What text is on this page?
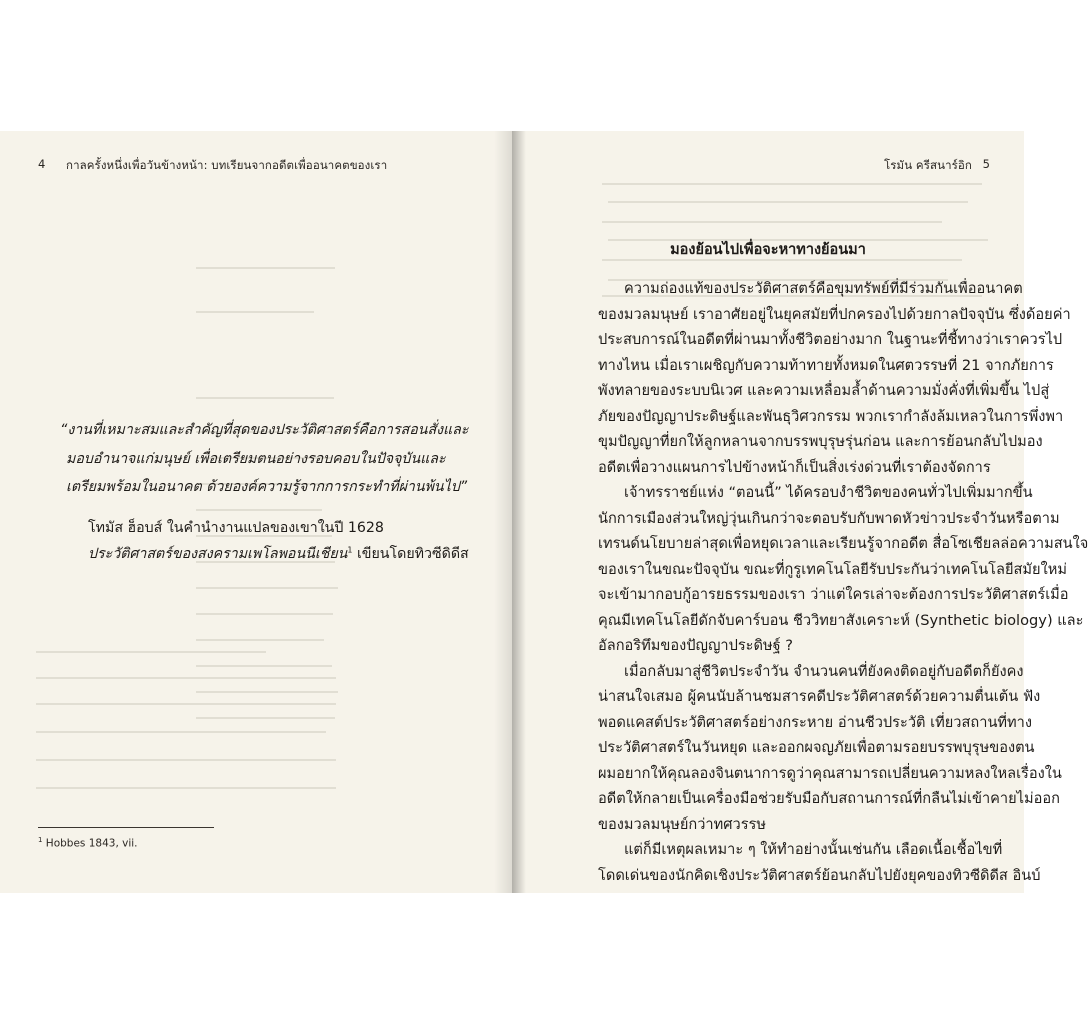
4 กาลครั้งหนึ่งเพื่อวันข้างหน้า: บทเรียนจากอดีตเพื่ออนาคตของเรา
“งานที่เหมาะสมและสำคัญที่สุดของประวัติศาสตร์คือการสอนสั่งและ
มอบอำนาจแก่มนุษย์ เพื่อเตรียมตนอย่างรอบคอบในปัจจุบันและ
เตรียมพร้อมในอนาคต ด้วยองค์ความรู้จากการกระทำที่ผ่านพ้นไป”
โทมัส ฮ็อบส์ ในคำนำงานแปลของเขาในปี 1628
ประวัติศาสตร์ของสงครามเพโลพอนนีเชียน$^1$ เขียนโดยทิวซีดิดีส
$^1$ Hobbes 1843, vii.
โรมัน ครีสนาร์อิก 5
มองย้อนไปเพื่อจะหาทางย้อนมา
ความถ่องแท้ของประวัติศาสตร์คือขุมทรัพย์ที่มีร่วมกันเพื่ออนาคต
ของมวลมนุษย์ เราอาศัยอยู่ในยุคสมัยที่ปกครองไปด้วยกาลปัจจุบัน ซึ่งด้อยค่า
ประสบการณ์ในอดีตที่ผ่านมาทั้งชีวิตอย่างมาก ในฐานะที่ชี้ทางว่าเราควรไป
ทางไหน เมื่อเราเผชิญกับความท้าทายทั้งหมดในศตวรรษที่ 21 จากภัยการ
พังทลายของระบบนิเวศ และความเหลื่อมล้ำด้านความมั่งคั่งที่เพิ่มขึ้น ไปสู่
ภัยของปัญญาประดิษฐ์และพันธุวิศวกรรม พวกเรากำลังล้มเหลวในการพึ่งพา
ขุมปัญญาที่ยกให้ลูกหลานจากบรรพบุรุษรุ่นก่อน และการย้อนกลับไปมอง
อดีตเพื่อวางแผนการไปข้างหน้าก็เป็นสิ่งเร่งด่วนที่เราต้องจัดการ
เจ้าทรราชย์แห่ง “ตอนนี้” ได้ครอบงำชีวิตของคนทั่วไปเพิ่มมากขึ้น
นักการเมืองส่วนใหญ่วุ่นเกินกว่าจะตอบรับกับพาดหัวข่าวประจำวันหรือตาม
เทรนด์นโยบายล่าสุดเพื่อหยุดเวลาและเรียนรู้จากอดีต สื่อโซเชียลล่อความสนใจ
ของเราในขณะปัจจุบัน ขณะที่กูรูเทคโนโลยีรับประกันว่าเทคโนโลยีสมัยใหม่
จะเข้ามากอบกู้อารยธรรมของเรา ว่าแต่ใครเล่าจะต้องการประวัติศาสตร์เมื่อ
คุณมีเทคโนโลยีดักจับคาร์บอน ชีววิทยาสังเคราะห์ (Synthetic biology) และ
อัลกอริทึมของปัญญาประดิษฐ์ ?
เมื่อกลับมาสู่ชีวิตประจำวัน จำนวนคนที่ยังคงติดอยู่กับอดีตก็ยังคง
น่าสนใจเสมอ ผู้คนนับล้านชมสารคดีประวัติศาสตร์ด้วยความตื่นเต้น ฟัง
พอดแคสต์ประวัติศาสตร์อย่างกระหาย อ่านชีวประวัติ เที่ยวสถานที่ทาง
ประวัติศาสตร์ในวันหยุด และออกผจญภัยเพื่อตามรอยบรรพบุรุษของตน
ผมอยากให้คุณลองจินตนาการดูว่าคุณสามารถเปลี่ยนความหลงใหลเรื่องใน
อดีตให้กลายเป็นเครื่องมือช่วยรับมือกับสถานการณ์ที่กลืนไม่เข้าคายไม่ออก
ของมวลมนุษย์กว่าทศวรรษ
แต่ก็มีเหตุผลเหมาะ ๆ ให้ทำอย่างนั้นเช่นกัน เลือดเนื้อเชื้อไขที่
โดดเด่นของนักคิดเชิงประวัติศาสตร์ย้อนกลับไปยังยุคของทิวซีดิดีส อินบ์
